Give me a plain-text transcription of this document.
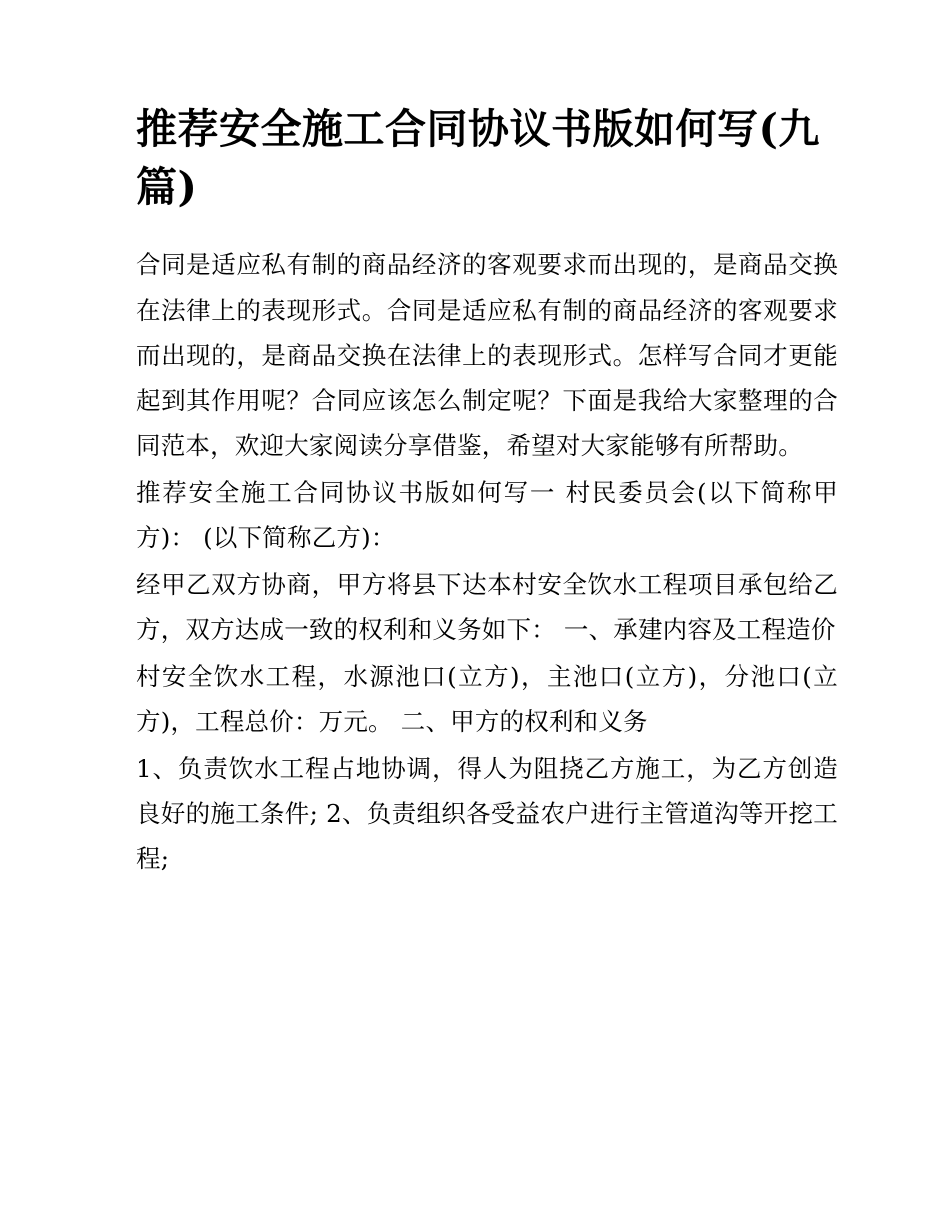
推荐安全施工合同协议书版如何写(九篇)

合同是适应私有制的商品经济的客观要求而出现的，是商品交换在法律上的表现形式。合同是适应私有制的商品经济的客观要求而出现的，是商品交换在法律上的表现形式。怎样写合同才更能起到其作用呢？合同应该怎么制定呢？下面是我给大家整理的合同范本，欢迎大家阅读分享借鉴，希望对大家能够有所帮助。

推荐安全施工合同协议书版如何写一 村民委员会(以下简称甲方)： (以下简称乙方)：

经甲乙双方协商，甲方将县下达本村安全饮水工程项目承包给乙方，双方达成一致的权利和义务如下： 一、承建内容及工程造价

村安全饮水工程，水源池口(立方)，主池口(立方)，分池口(立方)，工程总价：万元。 二、甲方的权利和义务

1、负责饮水工程占地协调，得人为阻挠乙方施工，为乙方创造良好的施工条件; 2、负责组织各受益农户进行主管道沟等开挖工程;
